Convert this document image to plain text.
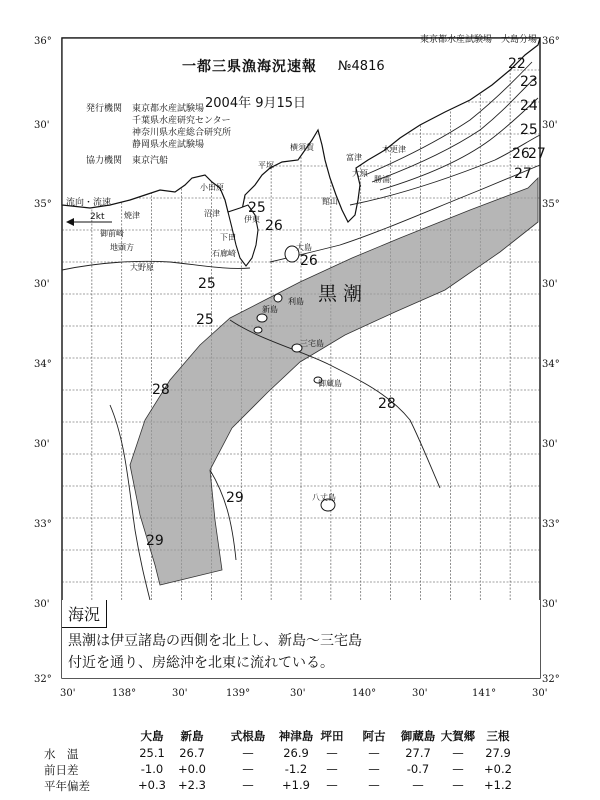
黒 潮
焼津
御前崎
地頭方
沼津
伊東
下田
石廊崎
平塚
横須賀
小田原
富津
館山
勝浦
木更津
大原
大島
利島
新島
三宅島
御蔵島
八丈島
大野原
22
23
24
25
26
27
27
25
26
26
25
25
28
28
29
29
36°	36°
30'	30'
35°	35°
30'	30'
34°	34°
30'	30'
33°	33°
30'	30'
32°	32°
30'	138°	30'	139°	30'	140°	30'	141°	30'
一都三県漁海況速報 №4816
2004年 9月15日
東京都水産試験場　大島分場
発行機関 東京都水産試験場
千葉県水産研究センター
神奈川県水産総合研究所
静岡県水産試験場
協力機関 東京汽船
流向・流速
2kt
海況
黒潮は伊豆諸島の西側を北上し、新島～三宅島
付近を通り、房総沖を北東に流れている。
大島	新島	式根島 神津島 坪田	阿古	御蔵島 大賀郷 三根
水　温	25.1	26.7	—	26.9	—	—	27.7	—	27.9
前日差	-1.0	+0.0	—	-1.2	—	—	-0.7	—	+0.2
平年偏差	+0.3	+2.3	—	+1.9	—	—	—	—	+1.2
